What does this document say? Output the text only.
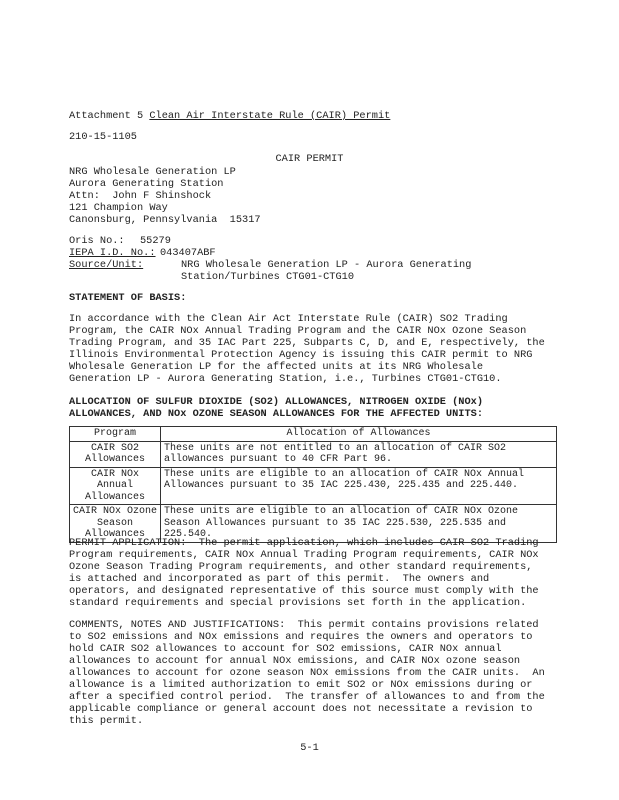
Attachment 5 Clean Air Interstate Rule (CAIR) Permit
210-15-1105
CAIR PERMIT
NRG Wholesale Generation LP
Aurora Generating Station
Attn:  John F Shinshock
121 Champion Way
Canonsburg, Pennsylvania  15317
Oris No.: 55279
IEPA I.D. No.: 043407ABF
Source/Unit:	NRG Wholesale Generation LP - Aurora Generating
Station/Turbines CTG01-CTG10
STATEMENT OF BASIS:
In accordance with the Clean Air Act Interstate Rule (CAIR) SO2 Trading
Program, the CAIR NOx Annual Trading Program and the CAIR NOx Ozone Season
Trading Program, and 35 IAC Part 225, Subparts C, D, and E, respectively, the
Illinois Environmental Protection Agency is issuing this CAIR permit to NRG
Wholesale Generation LP for the affected units at its NRG Wholesale
Generation LP - Aurora Generating Station, i.e., Turbines CTG01-CTG10.
ALLOCATION OF SULFUR DIOXIDE (SO2) ALLOWANCES, NITROGEN OXIDE (NOx)
ALLOWANCES, AND NOx OZONE SEASON ALLOWANCES FOR THE AFFECTED UNITS:
Program	Allocation of Allowances
CAIR SO2 Allowances	These units are not entitled to an allocation of CAIR SO2 allowances pursuant to 40 CFR Part 96.
CAIR NOx Annual Allowances	These units are eligible to an allocation of CAIR NOx Annual Allowances pursuant to 35 IAC 225.430, 225.435 and 225.440.
CAIR NOx Ozone Season Allowances	These units are eligible to an allocation of CAIR NOx Ozone Season Allowances pursuant to 35 IAC 225.530, 225.535 and 225.540.
PERMIT APPLICATION:  The permit application, which includes CAIR SO2 Trading
Program requirements, CAIR NOx Annual Trading Program requirements, CAIR NOx
Ozone Season Trading Program requirements, and other standard requirements,
is attached and incorporated as part of this permit.  The owners and
operators, and designated representative of this source must comply with the
standard requirements and special provisions set forth in the application.
COMMENTS, NOTES AND JUSTIFICATIONS:  This permit contains provisions related
to SO2 emissions and NOx emissions and requires the owners and operators to
hold CAIR SO2 allowances to account for SO2 emissions, CAIR NOx annual
allowances to account for annual NOx emissions, and CAIR NOx ozone season
allowances to account for ozone season NOx emissions from the CAIR units.  An
allowance is a limited authorization to emit SO2 or NOx emissions during or
after a specified control period.  The transfer of allowances to and from the
applicable compliance or general account does not necessitate a revision to
this permit.
5-1
